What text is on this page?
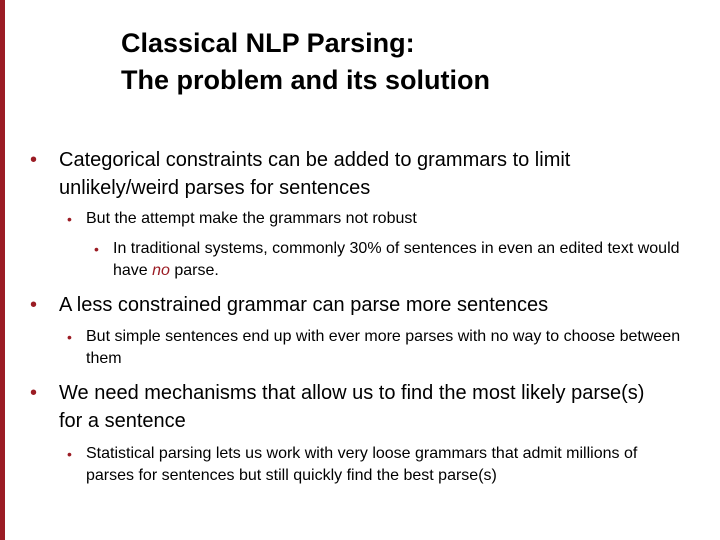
Classical NLP Parsing:
The problem and its solution
• Categorical constraints can be added to grammars to limit unlikely/weird parses for sentences
• But the attempt make the grammars not robust
• In traditional systems, commonly 30% of sentences in even an edited text would have no parse.
• A less constrained grammar can parse more sentences
• But simple sentences end up with ever more parses with no way to choose between them
• We need mechanisms that allow us to find the most likely parse(s) for a sentence
• Statistical parsing lets us work with very loose grammars that admit millions of parses for sentences but still quickly find the best parse(s)
